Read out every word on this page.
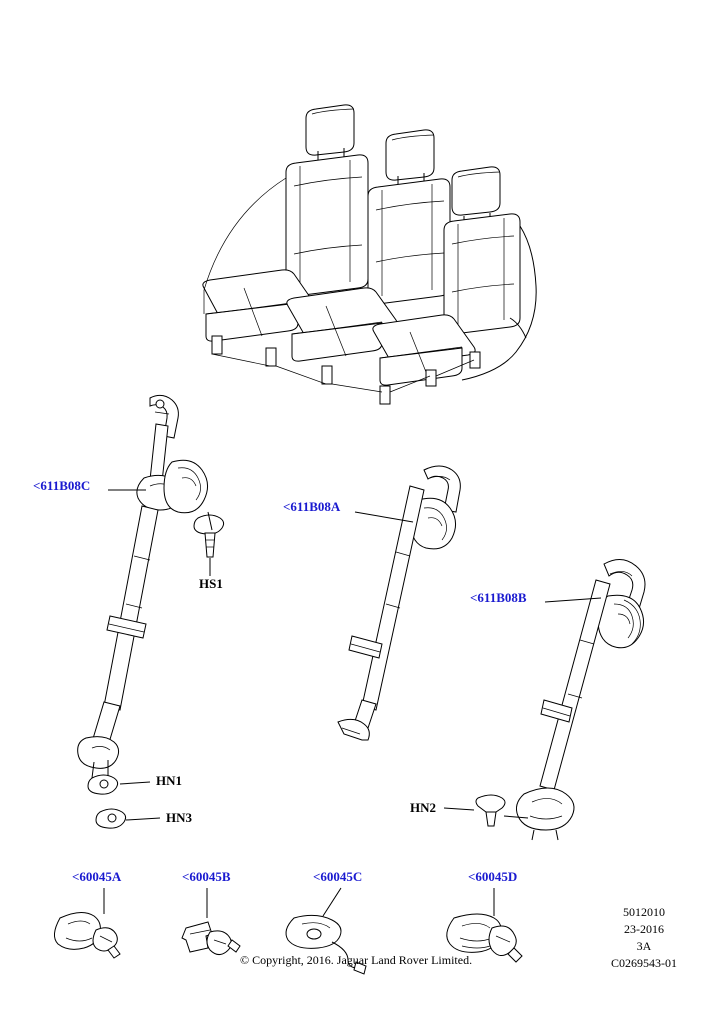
<611B08C
<611B08A
<611B08B
HS1
HN1
HN3
HN2
<60045A	<60045B	<60045C	<60045D
5012010
23-2016
3A
C0269543-01
© Copyright, 2016. Jaguar Land Rover Limited.
